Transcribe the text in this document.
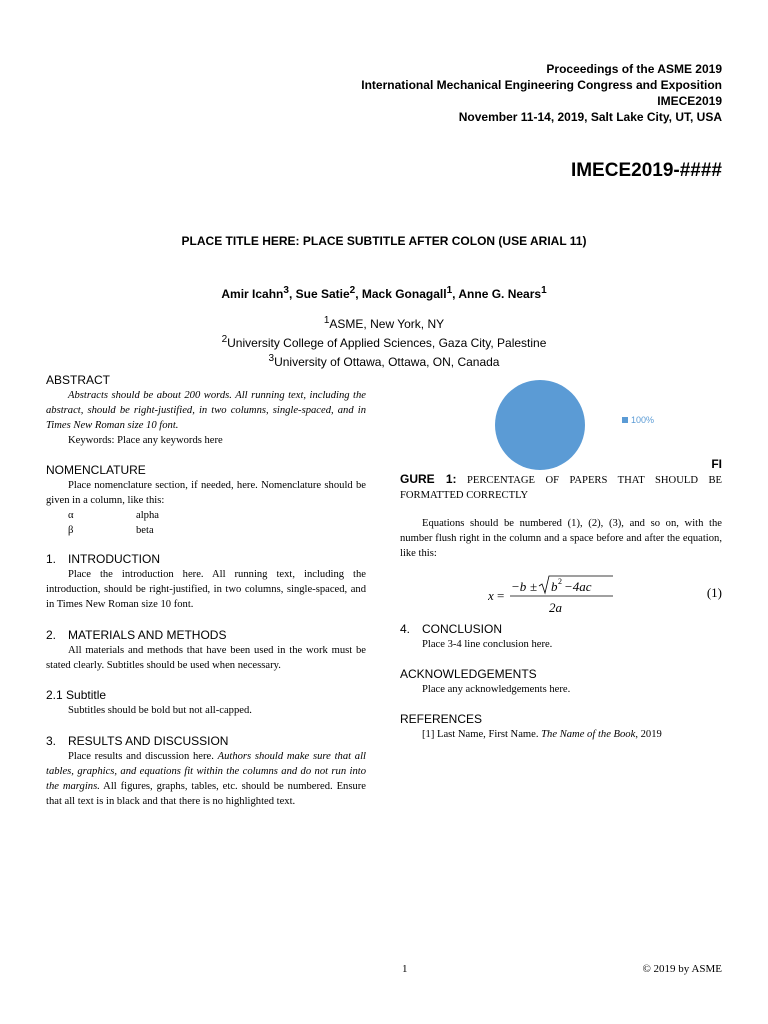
Proceedings of the ASME 2019
International Mechanical Engineering Congress and Exposition
IMECE2019
November 11-14, 2019, Salt Lake City, UT, USA
IMECE2019-####
PLACE TITLE HERE: PLACE SUBTITLE AFTER COLON (USE ARIAL 11)
Amir Icahn$^3$, Sue Satie$^2$, Mack Gonagall$^1$, Anne G. Nears$^1$
$^1$ASME, New York, NY
$^2$University College of Applied Sciences, Gaza City, Palestine
$^3$University of Ottawa, Ottawa, ON, Canada
ABSTRACT

Abstracts should be about 200 words. All running text, including the abstract, should be right-justified, in two columns, single-spaced, and in Times New Roman size 10 font.

Keywords: Place any keywords here

NOMENCLATURE

Place nomenclature section, if needed, here. Nomenclature should be given in a column, like this:

α	alpha
β	beta
1. INTRODUCTION

Place the introduction here. All running text, including the introduction, should be right-justified, in two columns, single-spaced, and in Times New Roman size 10 font.

2. MATERIALS AND METHODS

All materials and methods that have been used in the work must be stated clearly. Subtitles should be used when necessary.

2.1 Subtitle

Subtitles should be bold but not all-capped.

3. RESULTS AND DISCUSSION

Place results and discussion here. Authors should make sure that all tables, graphics, and equations fit within the columns and do not run into the margins. All figures, graphs, tables, etc. should be numbered. Ensure that all text is in black and that there is no highlighted text.

100%
FI
GURE 1: PERCENTAGE OF PAPERS THAT SHOULD BE FORMATTED CORRECTLY

Equations should be numbered (1), (2), (3), and so on, with the number flush right in the column and a space before and after the equation, like this:

x =
−b ± b 2 −4ac
2a
(1)
4. CONCLUSION

Place 3-4 line conclusion here.

ACKNOWLEDGEMENTS

Place any acknowledgements here.

REFERENCES

[1] Last Name, First Name. The Name of the Book, 2019

1	© 2019 by ASME
